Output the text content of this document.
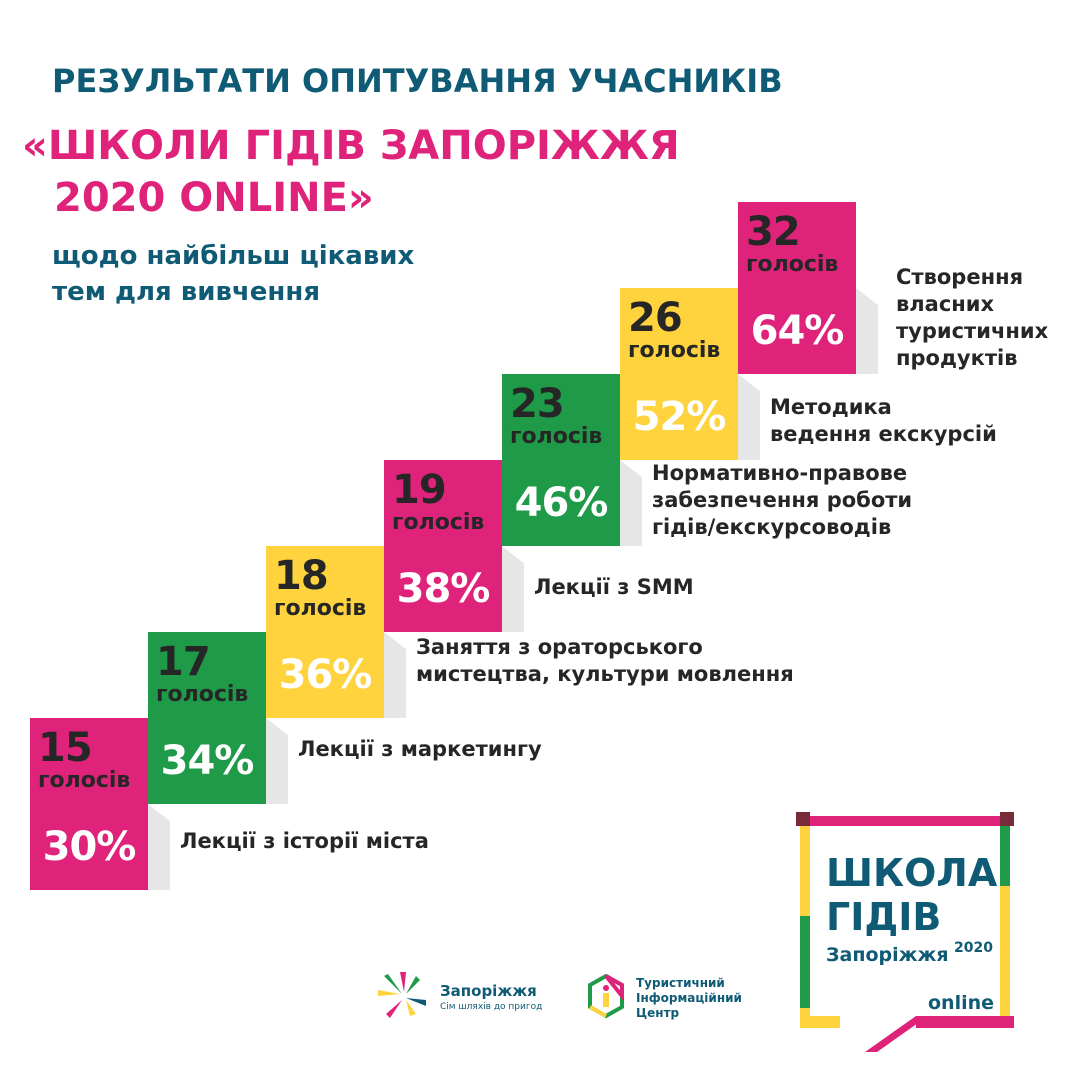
РЕЗУЛЬТАТИ ОПИТУВАННЯ УЧАСНИКІВ
«ШКОЛИ ГІДІВ ЗАПОРІЖЖЯ
2020 ONLINE»
щодо найбільш цікавих
тем для вивчення
15
голосів
30% Лекції з історії міста
17
голосів
34% Лекції з маркетингу
18
голосів
36%
Заняття з ораторського
мистецтва, культури мовлення
19
голосів
38% Лекції з SMM
23
голосів
46%
Нормативно-правове
забезпечення роботи
гідів/екскурсоводів
26
голосів
52% Методика
ведення екскурсій
32
голосів
64%
Створення
власних
туристичних
продуктів
ШКОЛА
ГІДІВ
Запоріжжя 2020
online
Запоріжжя
Сім шляхів до пригод
Туристичний
Інформаційний
Центр
